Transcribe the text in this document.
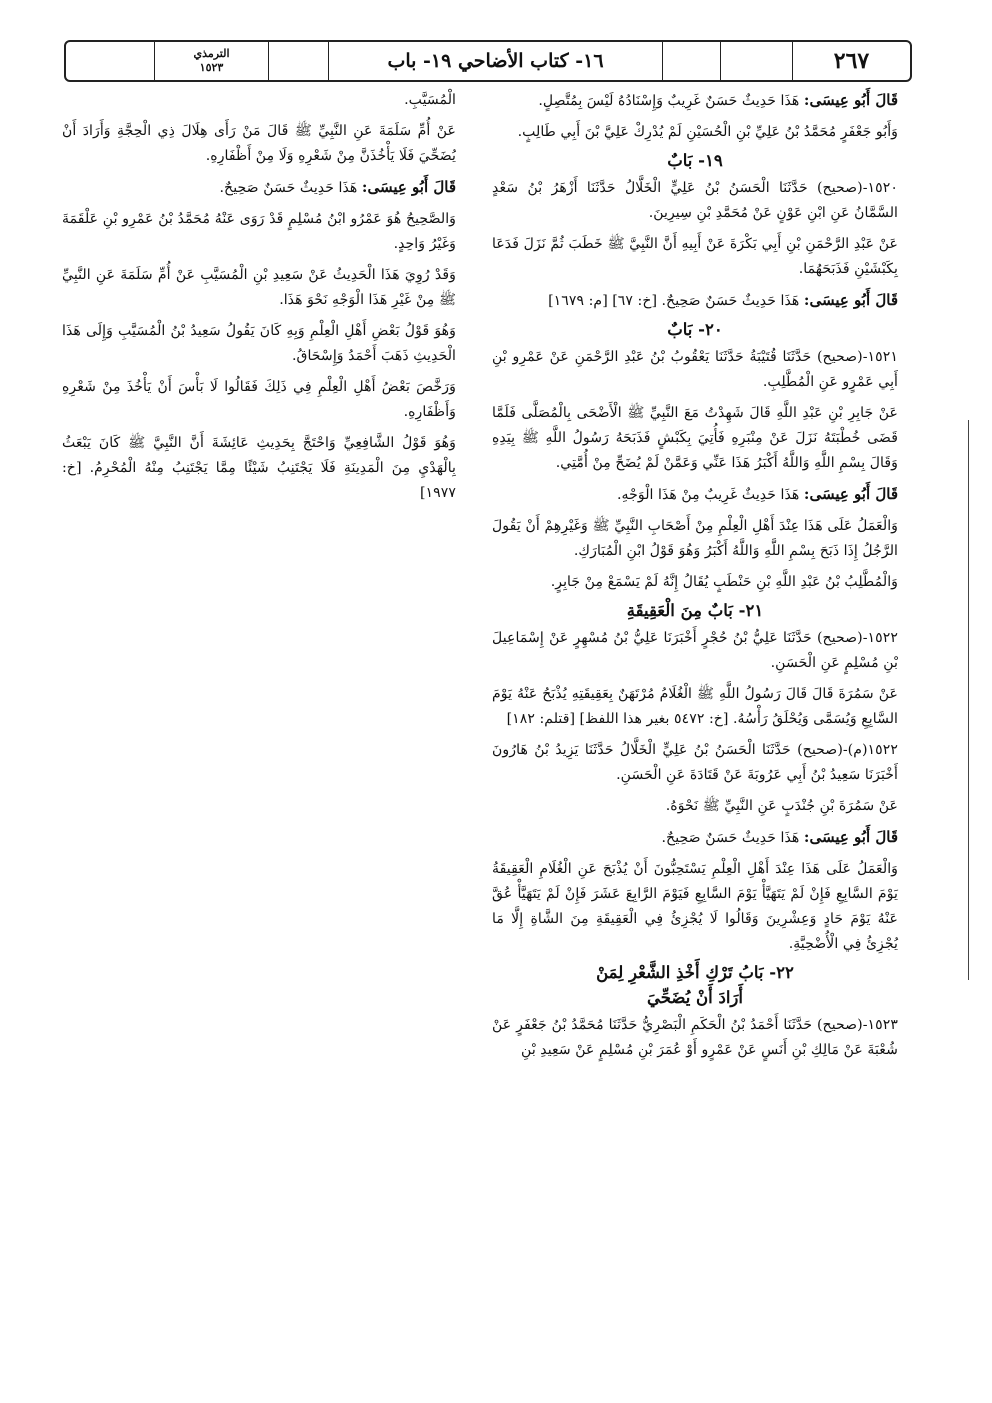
٢٦٧
١٦- كتاب الأضاحي ١٩- باب
الترمذي
١٥٢٣

قَالَ أَبُو عِيسَى: هَذَا حَدِيثٌ حَسَنٌ غَرِيبٌ وَإِسْنَادُهُ لَيْسَ بِمُتَّصِلٍ.

وَأَبُو جَعْفَرٍ مُحَمَّدُ بْنُ عَلِيِّ بْنِ الْحُسَيْنِ لَمْ يُدْرِكْ عَلِيَّ بْنَ أَبِي طَالِبٍ.

١٩- بَابٌ

١٥٢٠-(صحيح) حَدَّثَنَا الْحَسَنُ بْنُ عَلِيٍّ الْخَلَّالُ حَدَّثَنَا أَزْهَرُ بْنُ سَعْدٍ السَّمَّانُ عَنِ ابْنِ عَوْنٍ عَنْ مُحَمَّدِ بْنِ سِيرِينَ.

عَنْ عَبْدِ الرَّحْمَنِ بْنِ أَبِي بَكْرَةَ عَنْ أَبِيهِ أَنَّ النَّبِيَّ ﷺ خَطَبَ ثُمَّ نَزَلَ فَدَعَا بِكَبْشَيْنِ فَذَبَحَهُمَا.

قَالَ أَبُو عِيسَى: هَذَا حَدِيثٌ حَسَنٌ صَحِيحٌ. [خ: ٦٧] [م: ١٦٧٩]

٢٠- بَابٌ

١٥٢١-(صحيح) حَدَّثَنَا قُتَيْبَةُ حَدَّثَنَا يَعْقُوبُ بْنُ عَبْدِ الرَّحْمَنِ عَنْ عَمْرِو بْنِ أَبِي عَمْرٍو عَنِ الْمُطَّلِبِ.

عَنْ جَابِرِ بْنِ عَبْدِ اللَّهِ قَالَ شَهِدْتُ مَعَ النَّبِيِّ ﷺ الْأَضْحَى بِالْمُصَلَّى فَلَمَّا قَضَى خُطْبَتَهُ نَزَلَ عَنْ مِنْبَرِهِ فَأُتِيَ بِكَبْشٍ فَذَبَحَهُ رَسُولُ اللَّهِ ﷺ بِيَدِهِ وَقَالَ بِسْمِ اللَّهِ وَاللَّهُ أَكْبَرُ هَذَا عَنِّي وَعَمَّنْ لَمْ يُضَحِّ مِنْ أُمَّتِي.

قَالَ أَبُو عِيسَى: هَذَا حَدِيثٌ غَرِيبٌ مِنْ هَذَا الْوَجْهِ.

وَالْعَمَلُ عَلَى هَذَا عِنْدَ أَهْلِ الْعِلْمِ مِنْ أَصْحَابِ النَّبِيِّ ﷺ وَغَيْرِهِمْ أَنْ يَقُولَ الرَّجُلُ إِذَا ذَبَحَ بِسْمِ اللَّهِ وَاللَّهُ أَكْبَرُ وَهُوَ قَوْلُ ابْنِ الْمُبَارَكِ.

وَالْمُطَّلِبُ بْنُ عَبْدِ اللَّهِ بْنِ حَنْطَبٍ يُقَالُ إِنَّهُ لَمْ يَسْمَعْ مِنْ جَابِرٍ.

٢١- بَابٌ مِنَ الْعَقِيقَةِ

١٥٢٢-(صحيح) حَدَّثَنَا عَلِيُّ بْنُ حُجْرٍ أَخْبَرَنَا عَلِيُّ بْنُ مُسْهِرٍ عَنْ إِسْمَاعِيلَ بْنِ مُسْلِمٍ عَنِ الْحَسَنِ.

عَنْ سَمُرَةَ قَالَ قَالَ رَسُولُ اللَّهِ ﷺ الْغُلَامُ مُرْتَهَنٌ بِعَقِيقَتِهِ يُذْبَحُ عَنْهُ يَوْمَ السَّابِعِ وَيُسَمَّى وَيُحْلَقُ رَأْسُهُ. [خ: ٥٤٧٢ بغير هذا اللفظ] [قتلم: ١٨٢]

١٥٢٢(م)-(صحيح) حَدَّثَنَا الْحَسَنُ بْنُ عَلِيٍّ الْخَلَّالُ حَدَّثَنَا يَزِيدُ بْنُ هَارُونَ أَخْبَرَنَا سَعِيدُ بْنُ أَبِي عَرُوبَةَ عَنْ قَتَادَةَ عَنِ الْحَسَنِ.

عَنْ سَمُرَةَ بْنِ جُنْدَبٍ عَنِ النَّبِيِّ ﷺ نَحْوَهُ.

قَالَ أَبُو عِيسَى: هَذَا حَدِيثٌ حَسَنٌ صَحِيحٌ.

وَالْعَمَلُ عَلَى هَذَا عِنْدَ أَهْلِ الْعِلْمِ يَسْتَحِبُّونَ أَنْ يُذْبَحَ عَنِ الْغُلَامِ الْعَقِيقَةُ يَوْمَ السَّابِعِ فَإِنْ لَمْ يَتَهَيَّأْ يَوْمَ السَّابِعِ فَيَوْمَ الرَّابِعَ عَشَرَ فَإِنْ لَمْ يَتَهَيَّأْ عُقَّ عَنْهُ يَوْمَ حَادٍ وَعِشْرِينَ وَقَالُوا لَا يُجْزِئُ فِي الْعَقِيقَةِ مِنَ الشَّاةِ إِلَّا مَا يُجْزِئُ فِي الْأُضْحِيَّةِ.

٢٢- بَابُ تَرْكِ أَخْذِ الشَّعْرِ لِمَنْ
أَرَادَ أَنْ يُضَحِّيَ

١٥٢٣-(صحيح) حَدَّثَنَا أَحْمَدُ بْنُ الْحَكَمِ الْبَصْرِيُّ حَدَّثَنَا مُحَمَّدُ بْنُ جَعْفَرٍ عَنْ شُعْبَةَ عَنْ مَالِكِ بْنِ أَنَسٍ عَنْ عَمْرٍو أَوْ عُمَرَ بْنِ مُسْلِمٍ عَنْ سَعِيدِ بْنِ

الْمُسَيَّبِ.

عَنْ أُمِّ سَلَمَةَ عَنِ النَّبِيِّ ﷺ قَالَ مَنْ رَأَى هِلَالَ ذِي الْحِجَّةِ وَأَرَادَ أَنْ يُضَحِّيَ فَلَا يَأْخُذَنَّ مِنْ شَعْرِهِ وَلَا مِنْ أَظْفَارِهِ.

قَالَ أَبُو عِيسَى: هَذَا حَدِيثٌ حَسَنٌ صَحِيحٌ.

وَالصَّحِيحُ هُوَ عَمْرُو ابْنُ مُسْلِمٍ قَدْ رَوَى عَنْهُ مُحَمَّدُ بْنُ عَمْرِو بْنِ عَلْقَمَةَ وَغَيْرُ وَاحِدٍ.

وَقَدْ رُوِيَ هَذَا الْحَدِيثُ عَنْ سَعِيدِ بْنِ الْمُسَيَّبِ عَنْ أُمِّ سَلَمَةَ عَنِ النَّبِيِّ ﷺ مِنْ غَيْرِ هَذَا الْوَجْهِ نَحْوَ هَذَا.

وَهُوَ قَوْلُ بَعْضِ أَهْلِ الْعِلْمِ وَبِهِ كَانَ يَقُولُ سَعِيدُ بْنُ الْمُسَيَّبِ وَإِلَى هَذَا الْحَدِيثِ ذَهَبَ أَحْمَدُ وَإِسْحَاقُ.

وَرَخَّصَ بَعْضُ أَهْلِ الْعِلْمِ فِي ذَلِكَ فَقَالُوا لَا بَأْسَ أَنْ يَأْخُذَ مِنْ شَعْرِهِ وَأَظْفَارِهِ.

وَهُوَ قَوْلُ الشَّافِعِيِّ وَاحْتَجَّ بِحَدِيثِ عَائِشَةَ أَنَّ النَّبِيَّ ﷺ كَانَ يَبْعَثُ بِالْهَدْيِ مِنَ الْمَدِينَةِ فَلَا يَجْتَنِبُ شَيْئًا مِمَّا يَجْتَنِبُ مِنْهُ الْمُحْرِمُ. [خ: ١٩٧٧]
